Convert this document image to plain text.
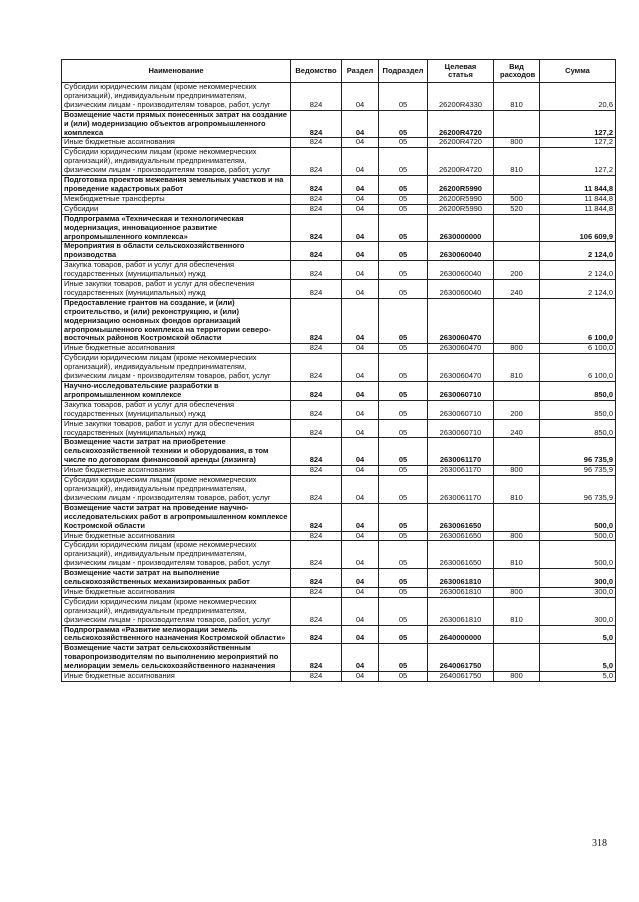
Наименование	Ведомство	Раздел	Подраздел	Целевая статья	Вид расходов	Сумма
Субсидии юридическим лицам (кроме некоммерческих организаций), индивидуальным предпринимателям, физическим лицам - производителям товаров, работ, услуг	824	04	05	26200R4330	810	20,6
Возмещение части прямых понесенных затрат на создание и (или) модернизацию объектов агропромышленного комплекса	824	04	05	26200R4720		127,2
Иные бюджетные ассигнования	824	04	05	26200R4720	800	127,2
Субсидии юридическим лицам (кроме некоммерческих организаций), индивидуальным предпринимателям, физическим лицам - производителям товаров, работ, услуг	824	04	05	26200R4720	810	127,2
Подготовка проектов межевания земельных участков и на проведение кадастровых работ	824	04	05	26200R5990		11 844,8
Межбюджетные трансферты	824	04	05	26200R5990	500	11 844,8
Субсидии	824	04	05	26200R5990	520	11 844,8
Подпрограмма «Техническая и технологическая модернизация, инновационное развитие агропромышленного комплекса»	824	04	05	2630000000		106 609,9
Мероприятия в области сельскохозяйственного производства	824	04	05	2630060040		2 124,0
Закупка товаров, работ и услуг для обеспечения государственных (муниципальных) нужд	824	04	05	2630060040	200	2 124,0
Иные закупки товаров, работ и услуг для обеспечения государственных (муниципальных) нужд	824	04	05	2630060040	240	2 124,0
Предоставление грантов на создание, и (или) строительство, и (или) реконструкцию, и (или) модернизацию основных фондов организаций агропромышленного комплекса на территории северо-восточных районов Костромской области	824	04	05	2630060470		6 100,0
Иные бюджетные ассигнования	824	04	05	2630060470	800	6 100,0
Субсидии юридическим лицам (кроме некоммерческих организаций), индивидуальным предпринимателям, физическим лицам - производителям товаров, работ, услуг	824	04	05	2630060470	810	6 100,0
Научно-исследовательские разработки в агропромышленном комплексе	824	04	05	2630060710		850,0
Закупка товаров, работ и услуг для обеспечения государственных (муниципальных) нужд	824	04	05	2630060710	200	850,0
Иные закупки товаров, работ и услуг для обеспечения государственных (муниципальных) нужд	824	04	05	2630060710	240	850,0
Возмещение части затрат на приобретение сельскохозяйственной техники и оборудования, в том числе по договорам финансовой аренды (лизинга)	824	04	05	2630061170		96 735,9
Иные бюджетные ассигнования	824	04	05	2630061170	800	96 735,9
Субсидии юридическим лицам (кроме некоммерческих организаций), индивидуальным предпринимателям, физическим лицам - производителям товаров, работ, услуг	824	04	05	2630061170	810	96 735,9
Возмещение части затрат на проведение научно-исследовательских работ в агропромышленном комплексе Костромской области	824	04	05	2630061650		500,0
Иные бюджетные ассигнования	824	04	05	2630061650	800	500,0
Субсидии юридическим лицам (кроме некоммерческих организаций), индивидуальным предпринимателям, физическим лицам - производителям товаров, работ, услуг	824	04	05	2630061650	810	500,0
Возмещение части затрат на выполнение сельскохозяйственных механизированных работ	824	04	05	2630061810		300,0
Иные бюджетные ассигнования	824	04	05	2630061810	800	300,0
Субсидии юридическим лицам (кроме некоммерческих организаций), индивидуальным предпринимателям, физическим лицам - производителям товаров, работ, услуг	824	04	05	2630061810	810	300,0
Подпрограмма «Развитие мелиорации земель сельскохозяйственного назначения Костромской области»	824	04	05	2640000000		5,0
Возмещение части затрат сельскохозяйственным товаропроизводителям по выполнению мероприятий по мелиорации земель сельскохозяйственного назначения	824	04	05	2640061750		5,0
Иные бюджетные ассигнования	824	04	05	2640061750	800	5,0
318
